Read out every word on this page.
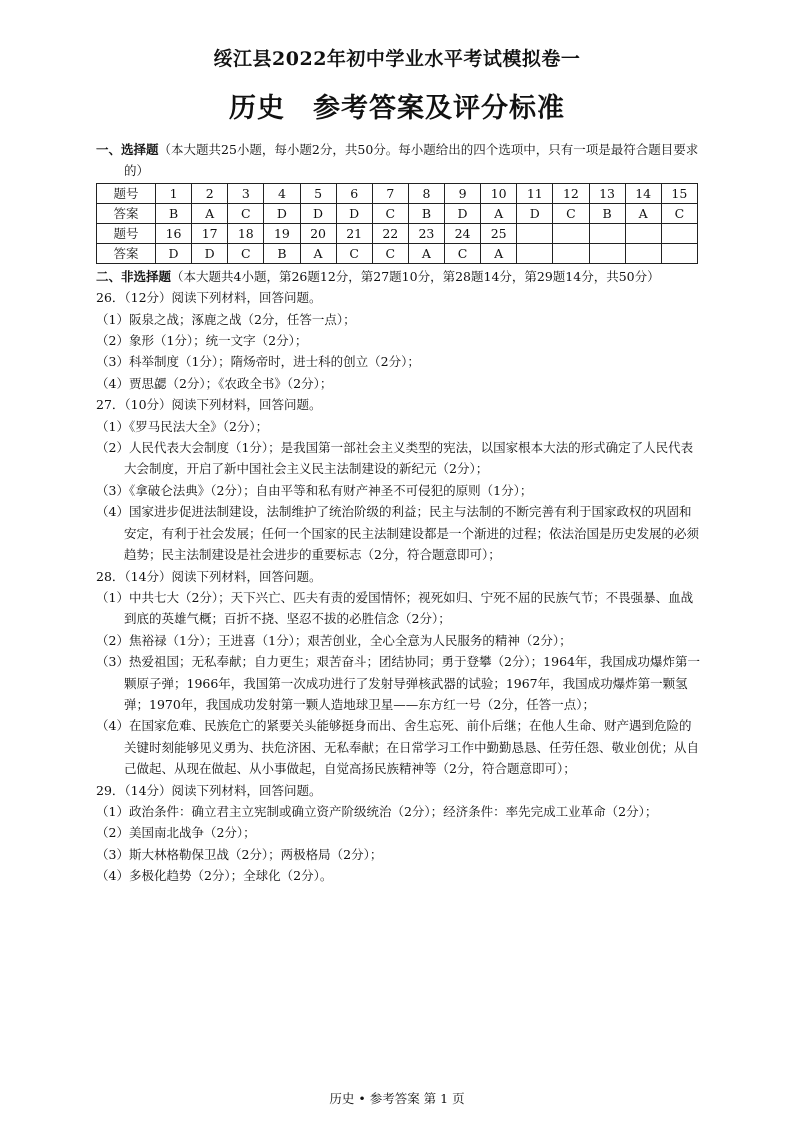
绥江县2022年初中学业水平考试模拟卷一
历史　参考答案及评分标准

一、选择题（本大题共25小题，每小题2分，共50分。每小题给出的四个选项中，只有一项是最符合题目要求的）

题号	1	2	3	4	5	6	7	8	9	10	11	12	13	14	15
答案	B	A	C	D	D	D	C	B	D	A	D	C	B	A	C
题号	16	17	18	19	20	21	22	23	24	25					
答案	D	D	C	B	A	C	C	A	C	A					

二、非选择题（本大题共4小题，第26题12分，第27题10分，第28题14分，第29题14分，共50分）

26．（12分）阅读下列材料，回答问题。

（1）阪泉之战；涿鹿之战（2分，任答一点）；

（2）象形（1分）；统一文字（2分）；

（3）科举制度（1分）；隋炀帝时，进士科的创立（2分）；

（4）贾思勰（2分）；《农政全书》（2分）；

27．（10分）阅读下列材料，回答问题。

（1）《罗马民法大全》（2分）；

（2）人民代表大会制度（1分）；是我国第一部社会主义类型的宪法，以国家根本大法的形式确定了人民代表大会制度，开启了新中国社会主义民主法制建设的新纪元（2分）；

（3）《拿破仑法典》（2分）；自由平等和私有财产神圣不可侵犯的原则（1分）；

（4）国家进步促进法制建设，法制维护了统治阶级的利益；民主与法制的不断完善有利于国家政权的巩固和安定，有利于社会发展；任何一个国家的民主法制建设都是一个渐进的过程；依法治国是历史发展的必须趋势；民主法制建设是社会进步的重要标志（2分，符合题意即可）；

28．（14分）阅读下列材料，回答问题。

（1）中共七大（2分）；天下兴亡、匹夫有责的爱国情怀；视死如归、宁死不屈的民族气节；不畏强暴、血战到底的英雄气概；百折不挠、坚忍不拔的必胜信念（2分）；

（2）焦裕禄（1分）；王进喜（1分）；艰苦创业，全心全意为人民服务的精神（2分）；

（3）热爱祖国；无私奉献；自力更生；艰苦奋斗；团结协同；勇于登攀（2分）；1964年，我国成功爆炸第一颗原子弹；1966年，我国第一次成功进行了发射导弹核武器的试验；1967年，我国成功爆炸第一颗氢弹；1970年，我国成功发射第一颗人造地球卫星——东方红一号（2分，任答一点）；

（4）在国家危难、民族危亡的紧要关头能够挺身而出、舍生忘死、前仆后继；在他人生命、财产遇到危险的关键时刻能够见义勇为、扶危济困、无私奉献；在日常学习工作中勤勤恳恳、任劳任怨、敬业创优；从自己做起、从现在做起、从小事做起，自觉高扬民族精神等（2分，符合题意即可）；

29．（14分）阅读下列材料，回答问题。

（1）政治条件：确立君主立宪制或确立资产阶级统治（2分）；经济条件：率先完成工业革命（2分）；

（2）美国南北战争（2分）；

（3）斯大林格勒保卫战（2分）；两极格局（2分）；

（4）多极化趋势（2分）；全球化（2分）。

历史 • 参考答案 第 1 页
